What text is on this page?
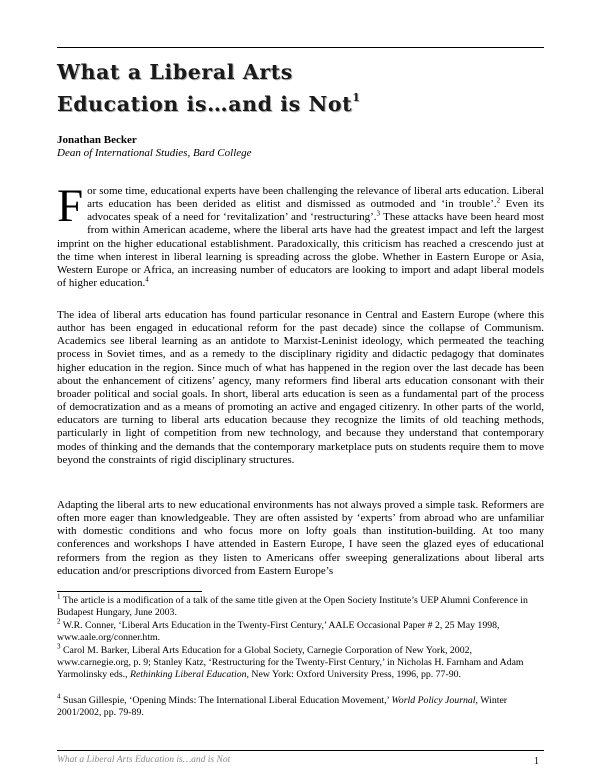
What a Liberal Arts
Education is…and is Not$^1$

Jonathan Becker

Dean of International Studies, Bard College

For some time, educational experts have been challenging the relevance of liberal arts education. Liberal arts education has been derided as elitist and dismissed as outmoded and ‘in trouble’.$^2$ Even its advocates speak of a need for ‘revitalization’ and ‘restructuring’.$^3$ These attacks have been heard most from within American academe, where the liberal arts have had the greatest impact and left the largest imprint on the higher educational establishment. Paradoxically, this criticism has reached a crescendo just at the time when interest in liberal learning is spreading across the globe. Whether in Eastern Europe or Asia, Western Europe or Africa, an increasing number of educators are looking to import and adapt liberal models of higher education.$^4$

The idea of liberal arts education has found particular resonance in Central and Eastern Europe (where this author has been engaged in educational reform for the past decade) since the collapse of Communism. Academics see liberal learning as an antidote to Marxist-Leninist ideology, which permeated the teaching process in Soviet times, and as a remedy to the disciplinary rigidity and didactic pedagogy that dominates higher education in the region. Since much of what has happened in the region over the last decade has been about the enhancement of citizens’ agency, many reformers find liberal arts education consonant with their broader political and social goals. In short, liberal arts education is seen as a fundamental part of the process of democratization and as a means of promoting an active and engaged citizenry. In other parts of the world, educators are turning to liberal arts education because they recognize the limits of old teaching methods, particularly in light of competition from new technology, and because they understand that contemporary modes of thinking and the demands that the contemporary marketplace puts on students require them to move beyond the constraints of rigid disciplinary structures.

Adapting the liberal arts to new educational environments has not always proved a simple task. Reformers are often more eager than knowledgeable. They are often assisted by ‘experts’ from abroad who are unfamiliar with domestic conditions and who focus more on lofty goals than institution-building. At too many conferences and workshops I have attended in Eastern Europe, I have seen the glazed eyes of educational reformers from the region as they listen to Americans offer sweeping generalizations about liberal arts education and/or prescriptions divorced from Eastern Europe’s

$^1$ The article is a modification of a talk of the same title given at the Open Society Institute’s UEP Alumni Conference in Budapest Hungary, June 2003.

$^2$ W.R. Conner, ‘Liberal Arts Education in the Twenty-First Century,’ AALE Occasional Paper # 2, 25 May 1998, www.aale.org/conner.htm.

$^3$ Carol M. Barker, Liberal Arts Education for a Global Society, Carnegie Corporation of New York, 2002, www.carnegie.org, p. 9; Stanley Katz, ‘Restructuring for the Twenty-First Century,’ in Nicholas H. Farnham and Adam Yarmolinsky eds., Rethinking Liberal Education, New York: Oxford University Press, 1996, pp. 77-90.

$^4$ Susan Gillespie, ‘Opening Minds: The International Liberal Education Movement,’ World Policy Journal, Winter 2001/2002, pp. 79-89.

What a Liberal Arts Education is…and is Not	1
